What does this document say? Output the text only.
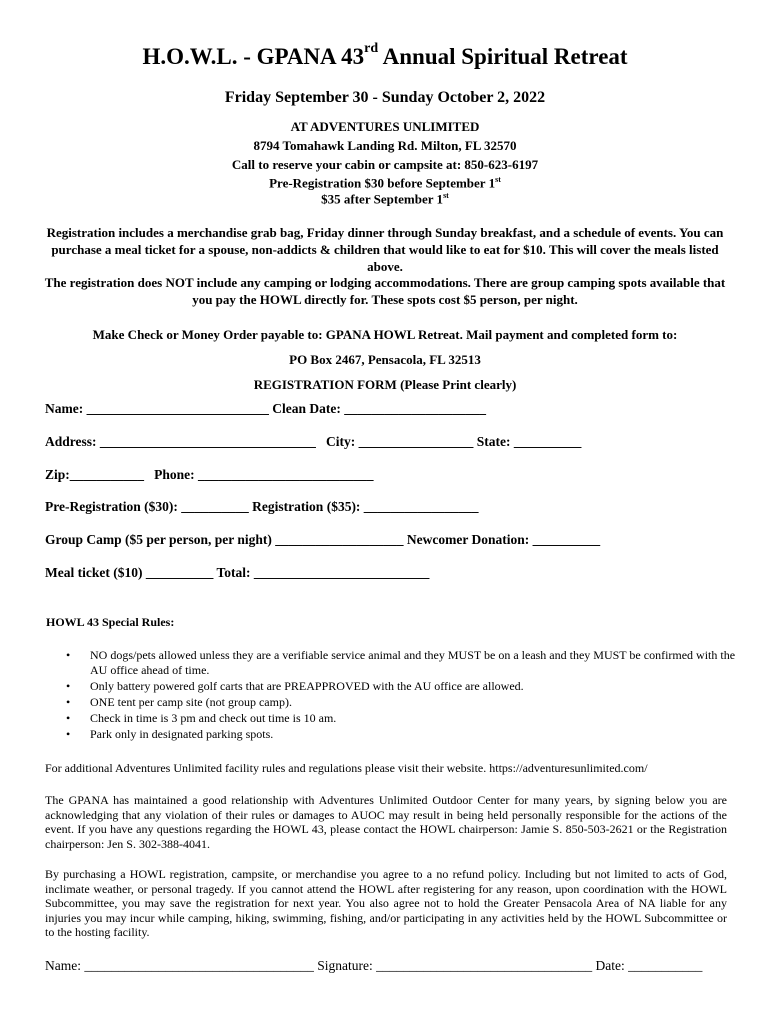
H.O.W.L. - GPANA 43rd Annual Spiritual Retreat
Friday September 30 - Sunday October 2, 2022
AT ADVENTURES UNLIMITED
8794 Tomahawk Landing Rd. Milton, FL 32570
Call to reserve your cabin or campsite at: 850-623-6197
Pre-Registration $30 before September 1st
$35 after September 1st
Registration includes a merchandise grab bag, Friday dinner through Sunday breakfast, and a schedule of events. You can purchase a meal ticket for a spouse, non-addicts & children that would like to eat for $10. This will cover the meals listed above.
The registration does NOT include any camping or lodging accommodations. There are group camping spots available that you pay the HOWL directly for. These spots cost $5 person, per night.
Make Check or Money Order payable to: GPANA HOWL Retreat. Mail payment and completed form to:
PO Box 2467, Pensacola, FL 32513
REGISTRATION FORM (Please Print clearly)
Name: ___________________________ Clean Date: _____________________
Address: ________________________________   City: _________________ State: __________
Zip:___________   Phone: __________________________
Pre-Registration ($30): __________ Registration ($35): _________________
Group Camp ($5 per person, per night) ___________________ Newcomer Donation: __________
Meal ticket ($10) __________ Total: __________________________
HOWL 43 Special Rules:
• NO dogs/pets allowed unless they are a verifiable service animal and they MUST be on a leash and they MUST be confirmed with the AU office ahead of time.
• Only battery powered golf carts that are PREAPPROVED with the AU office are allowed.
• ONE tent per camp site (not group camp).
• Check in time is 3 pm and check out time is 10 am.
• Park only in designated parking spots.
For additional Adventures Unlimited facility rules and regulations please visit their website. https://adventuresunlimited.com/
The GPANA has maintained a good relationship with Adventures Unlimited Outdoor Center for many years, by signing below you are acknowledging that any violation of their rules or damages to AUOC may result in being held personally responsible for the actions of the event. If you have any questions regarding the HOWL 43, please contact the HOWL chairperson: Jamie S. 850-503-2621 or the Registration chairperson: Jen S. 302-388-4041.
By purchasing a HOWL registration, campsite, or merchandise you agree to a no refund policy. Including but not limited to acts of God, inclimate weather, or personal tragedy. If you cannot attend the HOWL after registering for any reason, upon coordination with the HOWL Subcommittee, you may save the registration for next year. You also agree not to hold the Greater Pensacola Area of NA liable for any injuries you may incur while camping, hiking, swimming, fishing, and/or participating in any activities held by the HOWL Subcommittee or to the hosting facility.
Name: __________________________________ Signature: ________________________________ Date: ___________
